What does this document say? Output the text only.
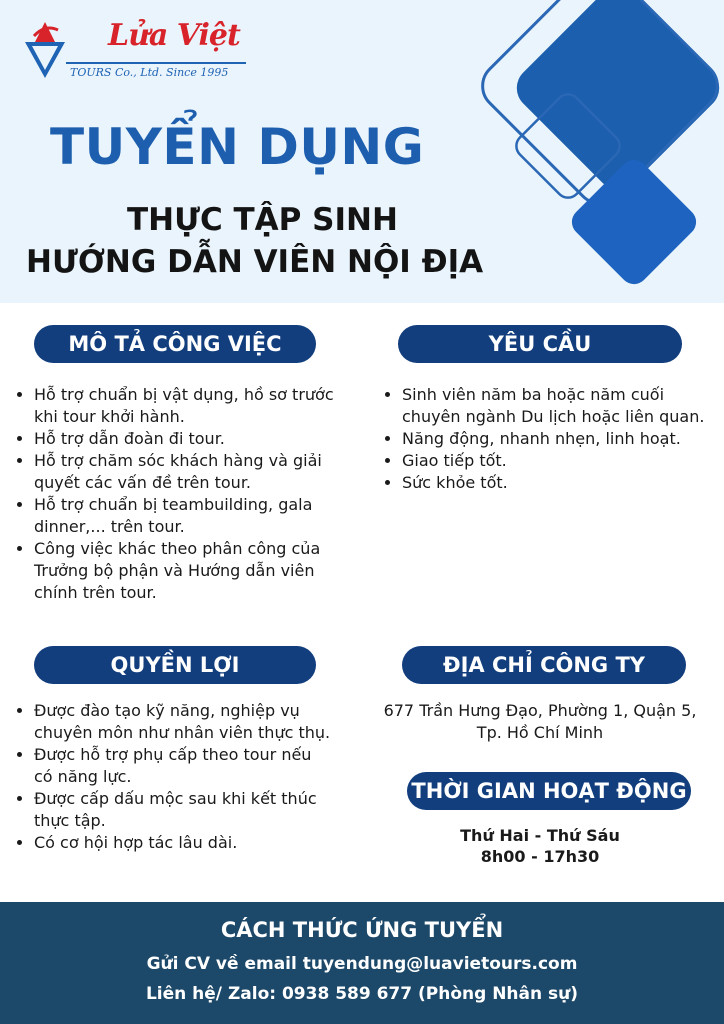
Lửa Việt
TOURS Co., Ltd. Since 1995
TUYỂN DỤNG
THỰC TẬP SINH
HƯỚNG DẪN VIÊN NỘI ĐỊA
MÔ TẢ CÔNG VIỆC
• Hỗ trợ chuẩn bị vật dụng, hồ sơ trước
khi tour khởi hành.
• Hỗ trợ dẫn đoàn đi tour.
• Hỗ trợ chăm sóc khách hàng và giải
quyết các vấn đề trên tour.
• Hỗ trợ chuẩn bị teambuilding, gala
dinner,... trên tour.
• Công việc khác theo phân công của
Trưởng bộ phận và Hướng dẫn viên
chính trên tour.
YÊU CẦU
• Sinh viên năm ba hoặc năm cuối
chuyên ngành Du lịch hoặc liên quan.
• Năng động, nhanh nhẹn, linh hoạt.
• Giao tiếp tốt.
• Sức khỏe tốt.
QUYỀN LỢI
• Được đào tạo kỹ năng, nghiệp vụ
chuyên môn như nhân viên thực thụ.
• Được hỗ trợ phụ cấp theo tour nếu
có năng lực.
• Được cấp dấu mộc sau khi kết thúc
thực tập.
• Có cơ hội hợp tác lâu dài.
ĐỊA CHỈ CÔNG TY
677 Trần Hưng Đạo, Phường 1, Quận 5,
Tp. Hồ Chí Minh
THỜI GIAN HOẠT ĐỘNG
Thứ Hai - Thứ Sáu
8h00 - 17h30
CÁCH THỨC ỨNG TUYỂN
Gửi CV về email tuyendung@luavietours.com
Liên hệ/ Zalo: 0938 589 677 (Phòng Nhân sự)
